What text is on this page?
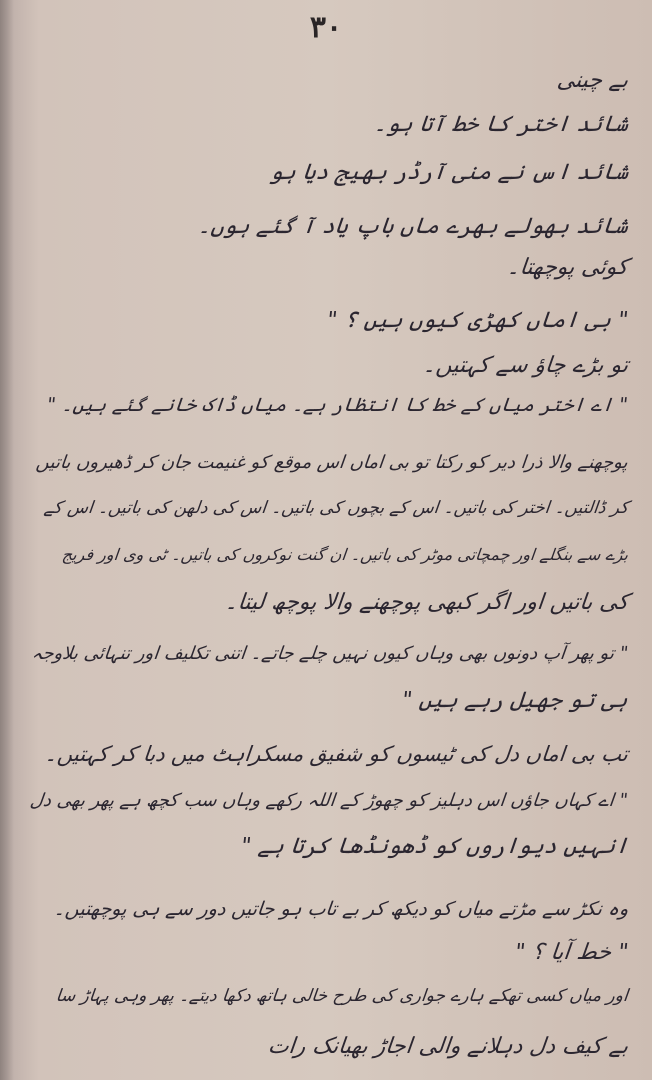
۳۰
بے چینی
شائد اختر کا خط آتا ہو۔
شائد اس نے منی آرڈر بھیج دیا ہو
شائد بھولے بھرے ماں باپ یاد آ گئے ہوں۔
کوئی پوچھتا۔
" بی اماں کھڑی کیوں ہیں ؟ "
تو بڑے چاؤ سے کہتیں۔
" اے اختر میاں کے خط کا انتظار ہے۔ میاں ڈاک خانے گئے ہیں۔ "
پوچھنے والا ذرا دیر کو رکتا تو بی اماں اس موقع کو غنیمت جان کر ڈھیروں باتیں
کر ڈالتیں۔ اختر کی باتیں۔ اس کے بچوں کی باتیں۔ اس کی دلھن کی باتیں۔ اس کے
بڑے سے بنگلے اور چمچاتی موٹر کی باتیں۔ ان گنت نوکروں کی باتیں۔ ٹی وی اور فریج
کی باتیں اور اگر کبھی پوچھنے والا پوچھ لیتا۔
" تو پھر آپ دونوں بھی وہاں کیوں نہیں چلے جاتے۔ اتنی تکلیف اور تنہائی بلاوجہ
ہی تو جھیل رہے ہیں "
تب بی اماں دل کی ٹیسوں کو شفیق مسکراہٹ میں دبا کر کہتیں۔
" اے کہاں جاؤں اس دہلیز کو چھوڑ کے اللہ رکھے وہاں سب کچھ ہے پھر بھی دل
انہیں دیواروں کو ڈھونڈھا کرتا ہے "
وہ نکڑ سے مڑتے میاں کو دیکھ کر بے تاب ہو جاتیں دور سے ہی پوچھتیں۔
" خط آیا ؟ "
اور میاں کسی تھکے ہارے جواری کی طرح خالی ہاتھ دکھا دیتے۔ پھر وہی پہاڑ سا
بے کیف دل دہلانے والی اجاڑ بھیانک رات
